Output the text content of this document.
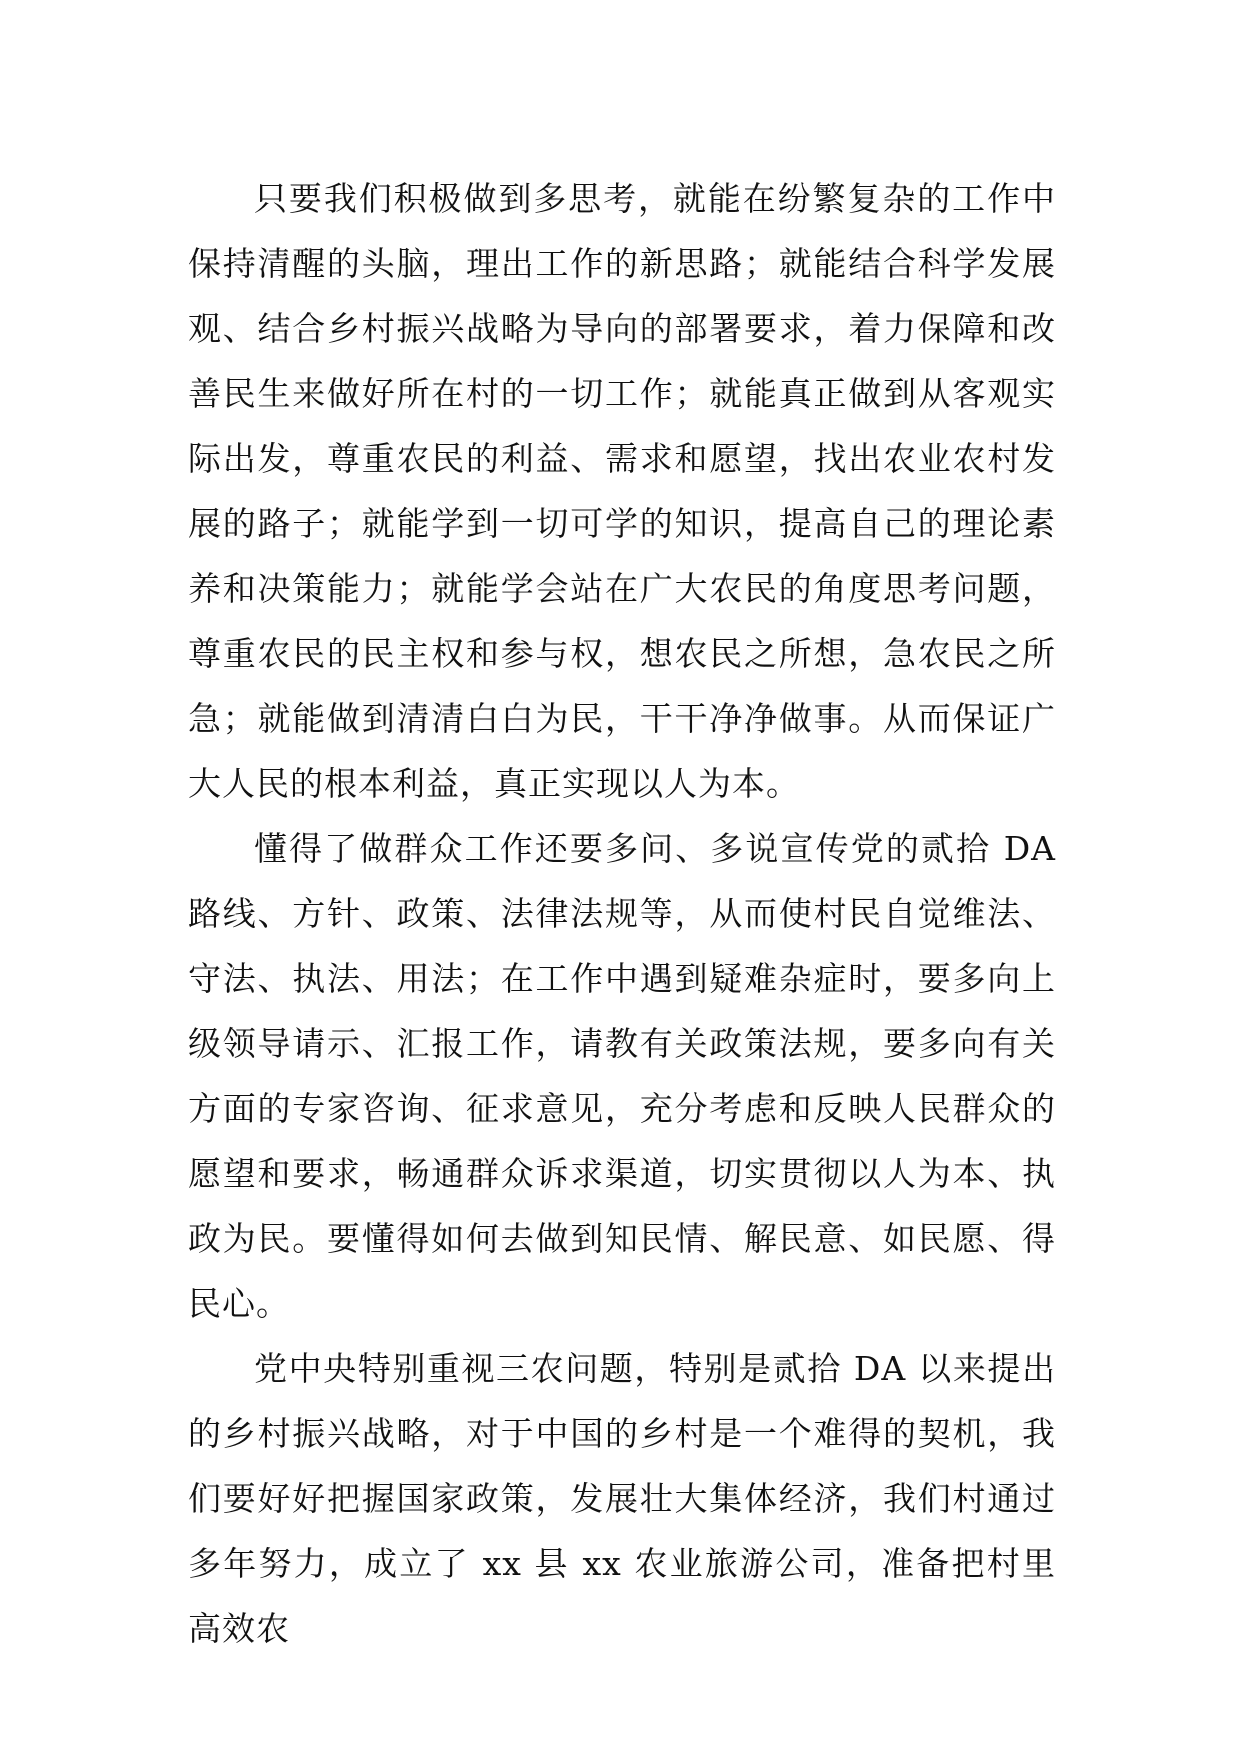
只要我们积极做到多思考，就能在纷繁复杂的工作中保持清醒的头脑，理出工作的新思路；就能结合科学发展观、结合乡村振兴战略为导向的部署要求，着力保障和改善民生来做好所在村的一切工作；就能真正做到从客观实际出发，尊重农民的利益、需求和愿望，找出农业农村发展的路子；就能学到一切可学的知识，提高自己的理论素养和决策能力；就能学会站在广大农民的角度思考问题，尊重农民的民主权和参与权，想农民之所想，急农民之所急；就能做到清清白白为民，干干净净做事。从而保证广大人民的根本利益，真正实现以人为本。

懂得了做群众工作还要多问、多说宣传党的贰拾 DA 路线、方针、政策、法律法规等，从而使村民自觉维法、守法、执法、用法；在工作中遇到疑难杂症时，要多向上级领导请示、汇报工作，请教有关政策法规，要多向有关方面的专家咨询、征求意见，充分考虑和反映人民群众的愿望和要求，畅通群众诉求渠道，切实贯彻以人为本、执政为民。要懂得如何去做到知民情、解民意、如民愿、得民心。

党中央特别重视三农问题，特别是贰拾 DA 以来提出的乡村振兴战略，对于中国的乡村是一个难得的契机，我们要好好把握国家政策，发展壮大集体经济，我们村通过多年努力，成立了 xx 县 xx 农业旅游公司，准备把村里高效农
